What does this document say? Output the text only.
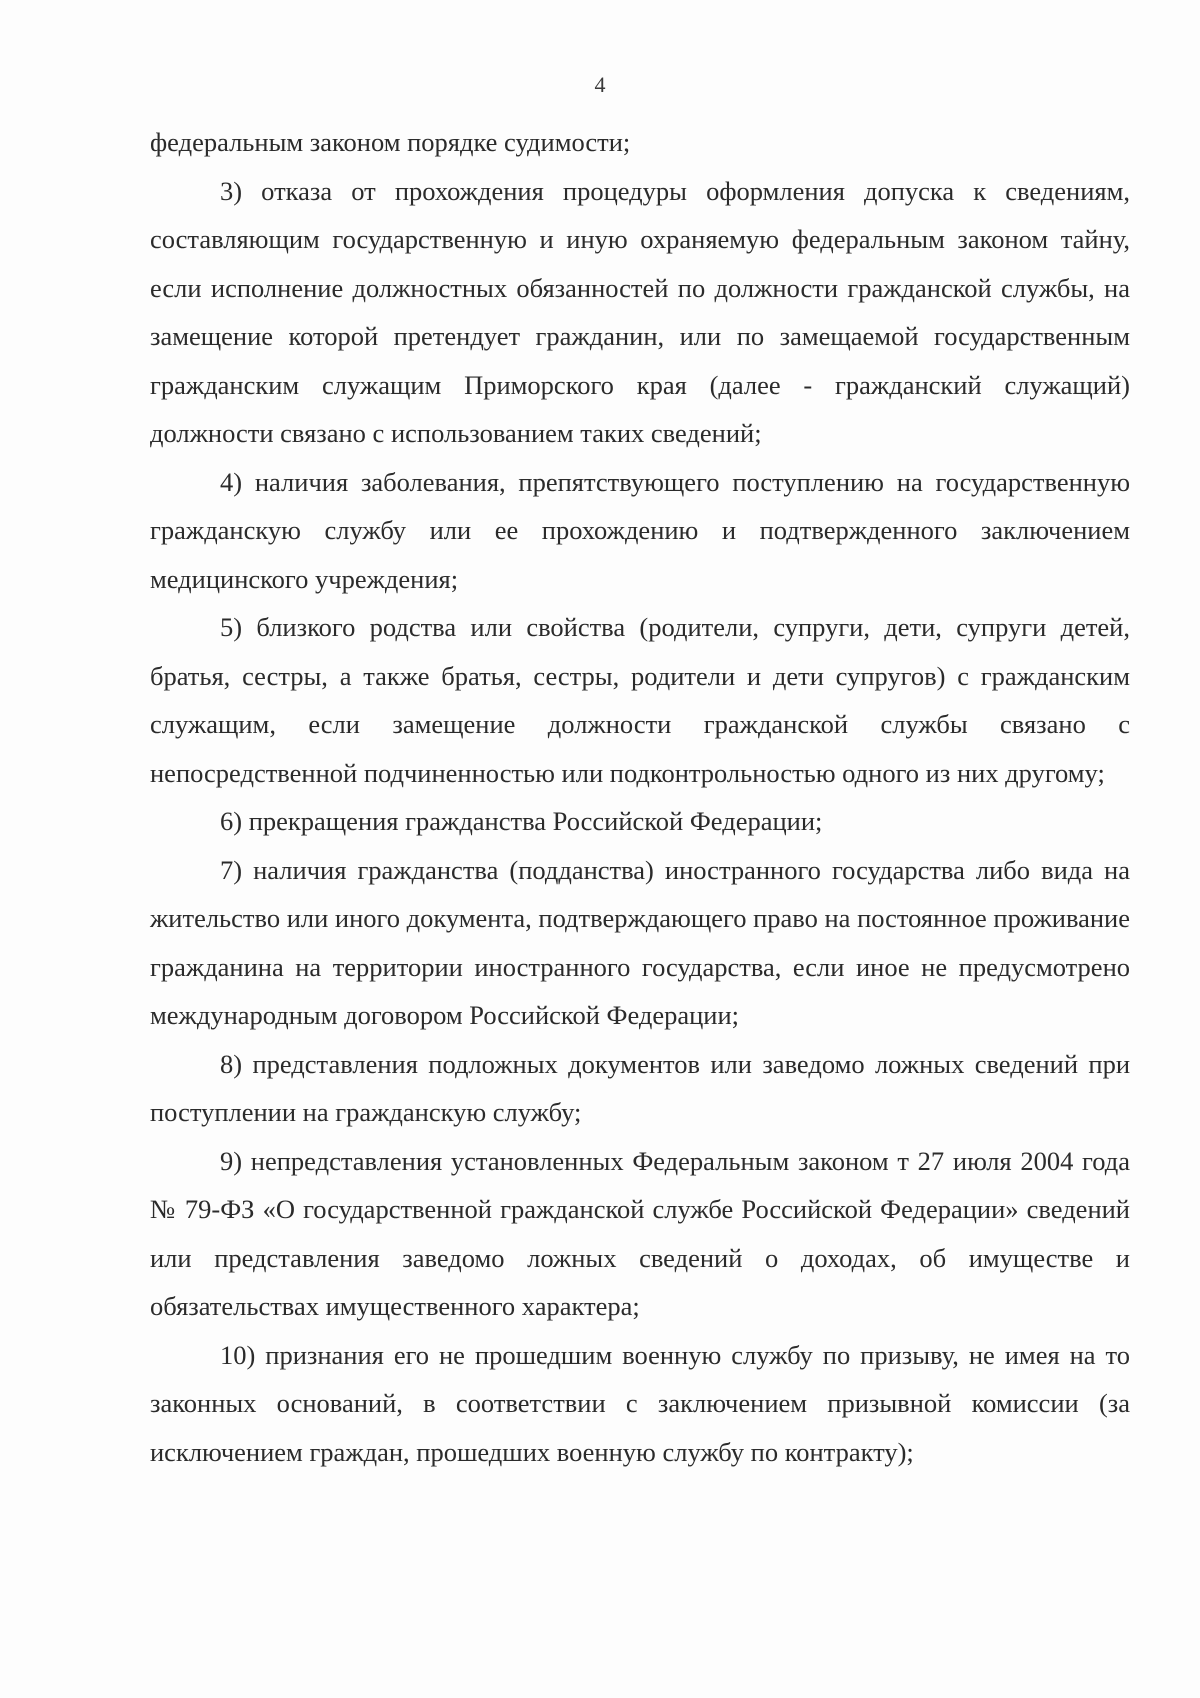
4

федеральным законом порядке судимости;

3) отказа от прохождения процедуры оформления допуска к сведениям, составляющим государственную и иную охраняемую федеральным законом тайну, если исполнение должностных обязанностей по должности гражданской службы, на замещение которой претендует гражданин, или по замещаемой государственным гражданским служащим Приморского края (далее - гражданский служащий) должности связано с использованием таких сведений;

4) наличия заболевания, препятствующего поступлению на государственную гражданскую службу или ее прохождению и подтвержденного заключением медицинского учреждения;

5) близкого родства или свойства (родители, супруги, дети, супруги детей, братья, сестры, а также братья, сестры, родители и дети супругов) с гражданским служащим, если замещение должности гражданской службы связано с непосредственной подчиненностью или подконтрольностью одного из них другому;

6) прекращения гражданства Российской Федерации;

7) наличия гражданства (подданства) иностранного государства либо вида на жительство или иного документа, подтверждающего право на постоянное проживание гражданина на территории иностранного государства, если иное не предусмотрено международным договором Российской Федерации;

8) представления подложных документов или заведомо ложных сведений при поступлении на гражданскую службу;

9) непредставления установленных Федеральным законом т 27 июля 2004 года № 79-ФЗ «О государственной гражданской службе Российской Федерации» сведений или представления заведомо ложных сведений о доходах, об имуществе и обязательствах имущественного характера;

10) признания его не прошедшим военную службу по призыву, не имея на то законных оснований, в соответствии с заключением призывной комиссии (за исключением граждан, прошедших военную службу по контракту);
